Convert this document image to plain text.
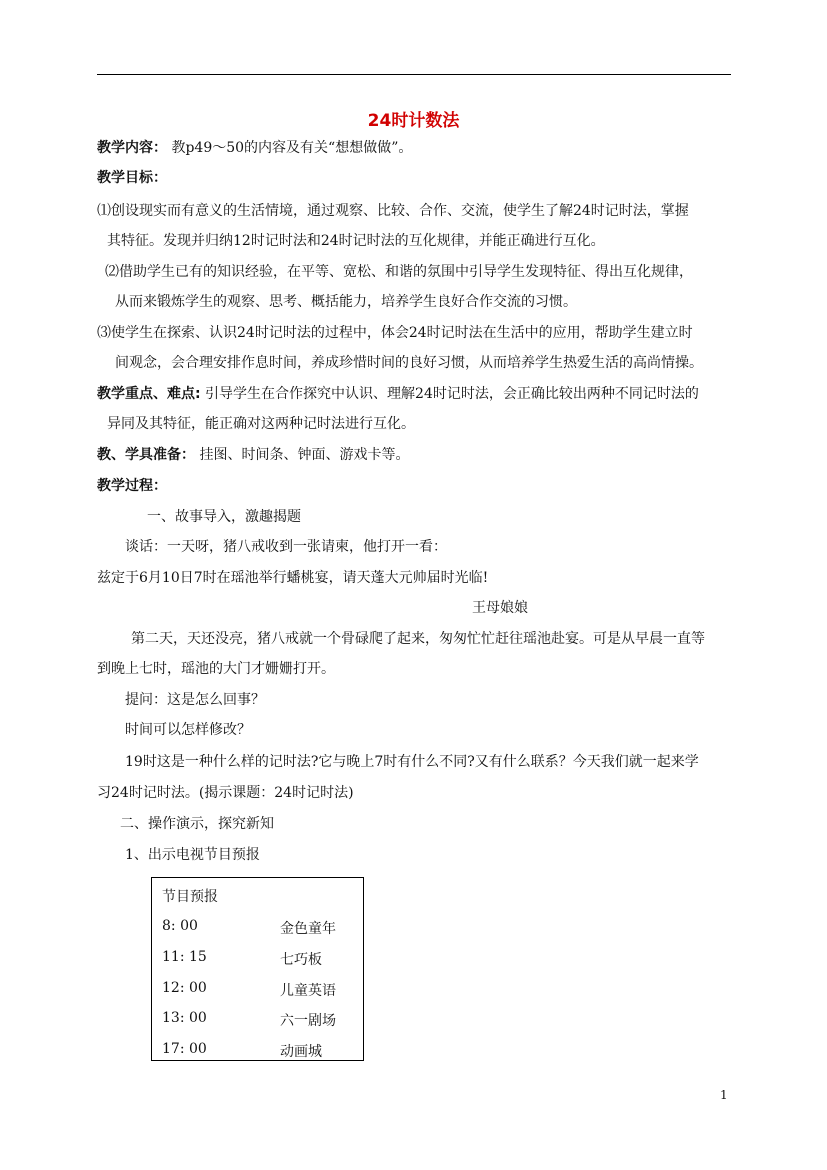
24时计数法
教学内容： 教p49～50的内容及有关“想想做做”。
教学目标：
⑴创设现实而有意义的生活情境，通过观察、比较、合作、交流，使学生了解24时记时法，掌握
其特征。发现并归纳12时记时法和24时记时法的互化规律，并能正确进行互化。
⑵借助学生已有的知识经验，在平等、宽松、和谐的氛围中引导学生发现特征、得出互化规律，
从而来锻炼学生的观察、思考、概括能力，培养学生良好合作交流的习惯。
⑶使学生在探索、认识24时记时法的过程中，体会24时记时法在生活中的应用，帮助学生建立时
间观念，会合理安排作息时间，养成珍惜时间的良好习惯，从而培养学生热爱生活的高尚情操。
教学重点、难点: 引导学生在合作探究中认识、理解24时记时法，会正确比较出两种不同记时法的
异同及其特征，能正确对这两种记时法进行互化。
教、学具准备： 挂图、时间条、钟面、游戏卡等。
教学过程：
一、故事导入，激趣揭题
谈话：一天呀，猪八戒收到一张请柬，他打开一看：
兹定于6月10日7时在瑶池举行蟠桃宴，请天蓬大元帅届时光临!
王母娘娘
第二天，天还没亮，猪八戒就一个骨碌爬了起来，匆匆忙忙赶往瑶池赴宴。可是从早晨一直等
到晚上七时，瑶池的大门才姗姗打开。
提问：这是怎么回事？
时间可以怎样修改？
19时这是一种什么样的记时法?它与晚上7时有什么不同?又有什么联系？今天我们就一起来学
习24时记时法。(揭示课题：24时记时法)
二、操作演示，探究新知
1、出示电视节目预报
节目预报
8: 00	金色童年
11: 15	七巧板
12: 00	儿童英语
13: 00	六一剧场
17: 00	动画城
1
